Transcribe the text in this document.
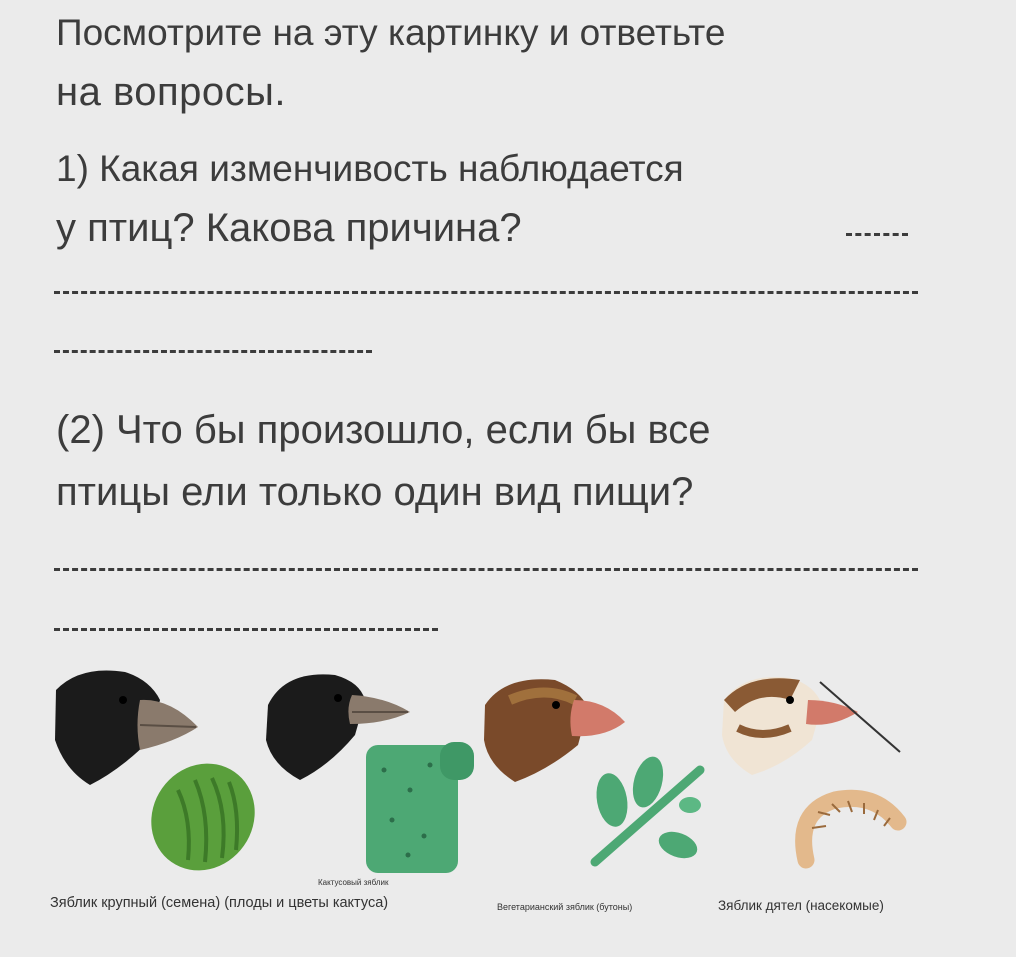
Посмотрите на эту картинку и ответьте
на вопросы.
1) Какая изменчивость наблюдается
у птиц? Какова причина?
(2) Что бы произошло, если бы все
птицы ели только один вид пищи?
Зяблик крупный (семена) (плоды и цветы кактуса)
Кактусовый зяблик
Вегетарианский зяблик (бутоны)	Зяблик дятел (насекомые)
